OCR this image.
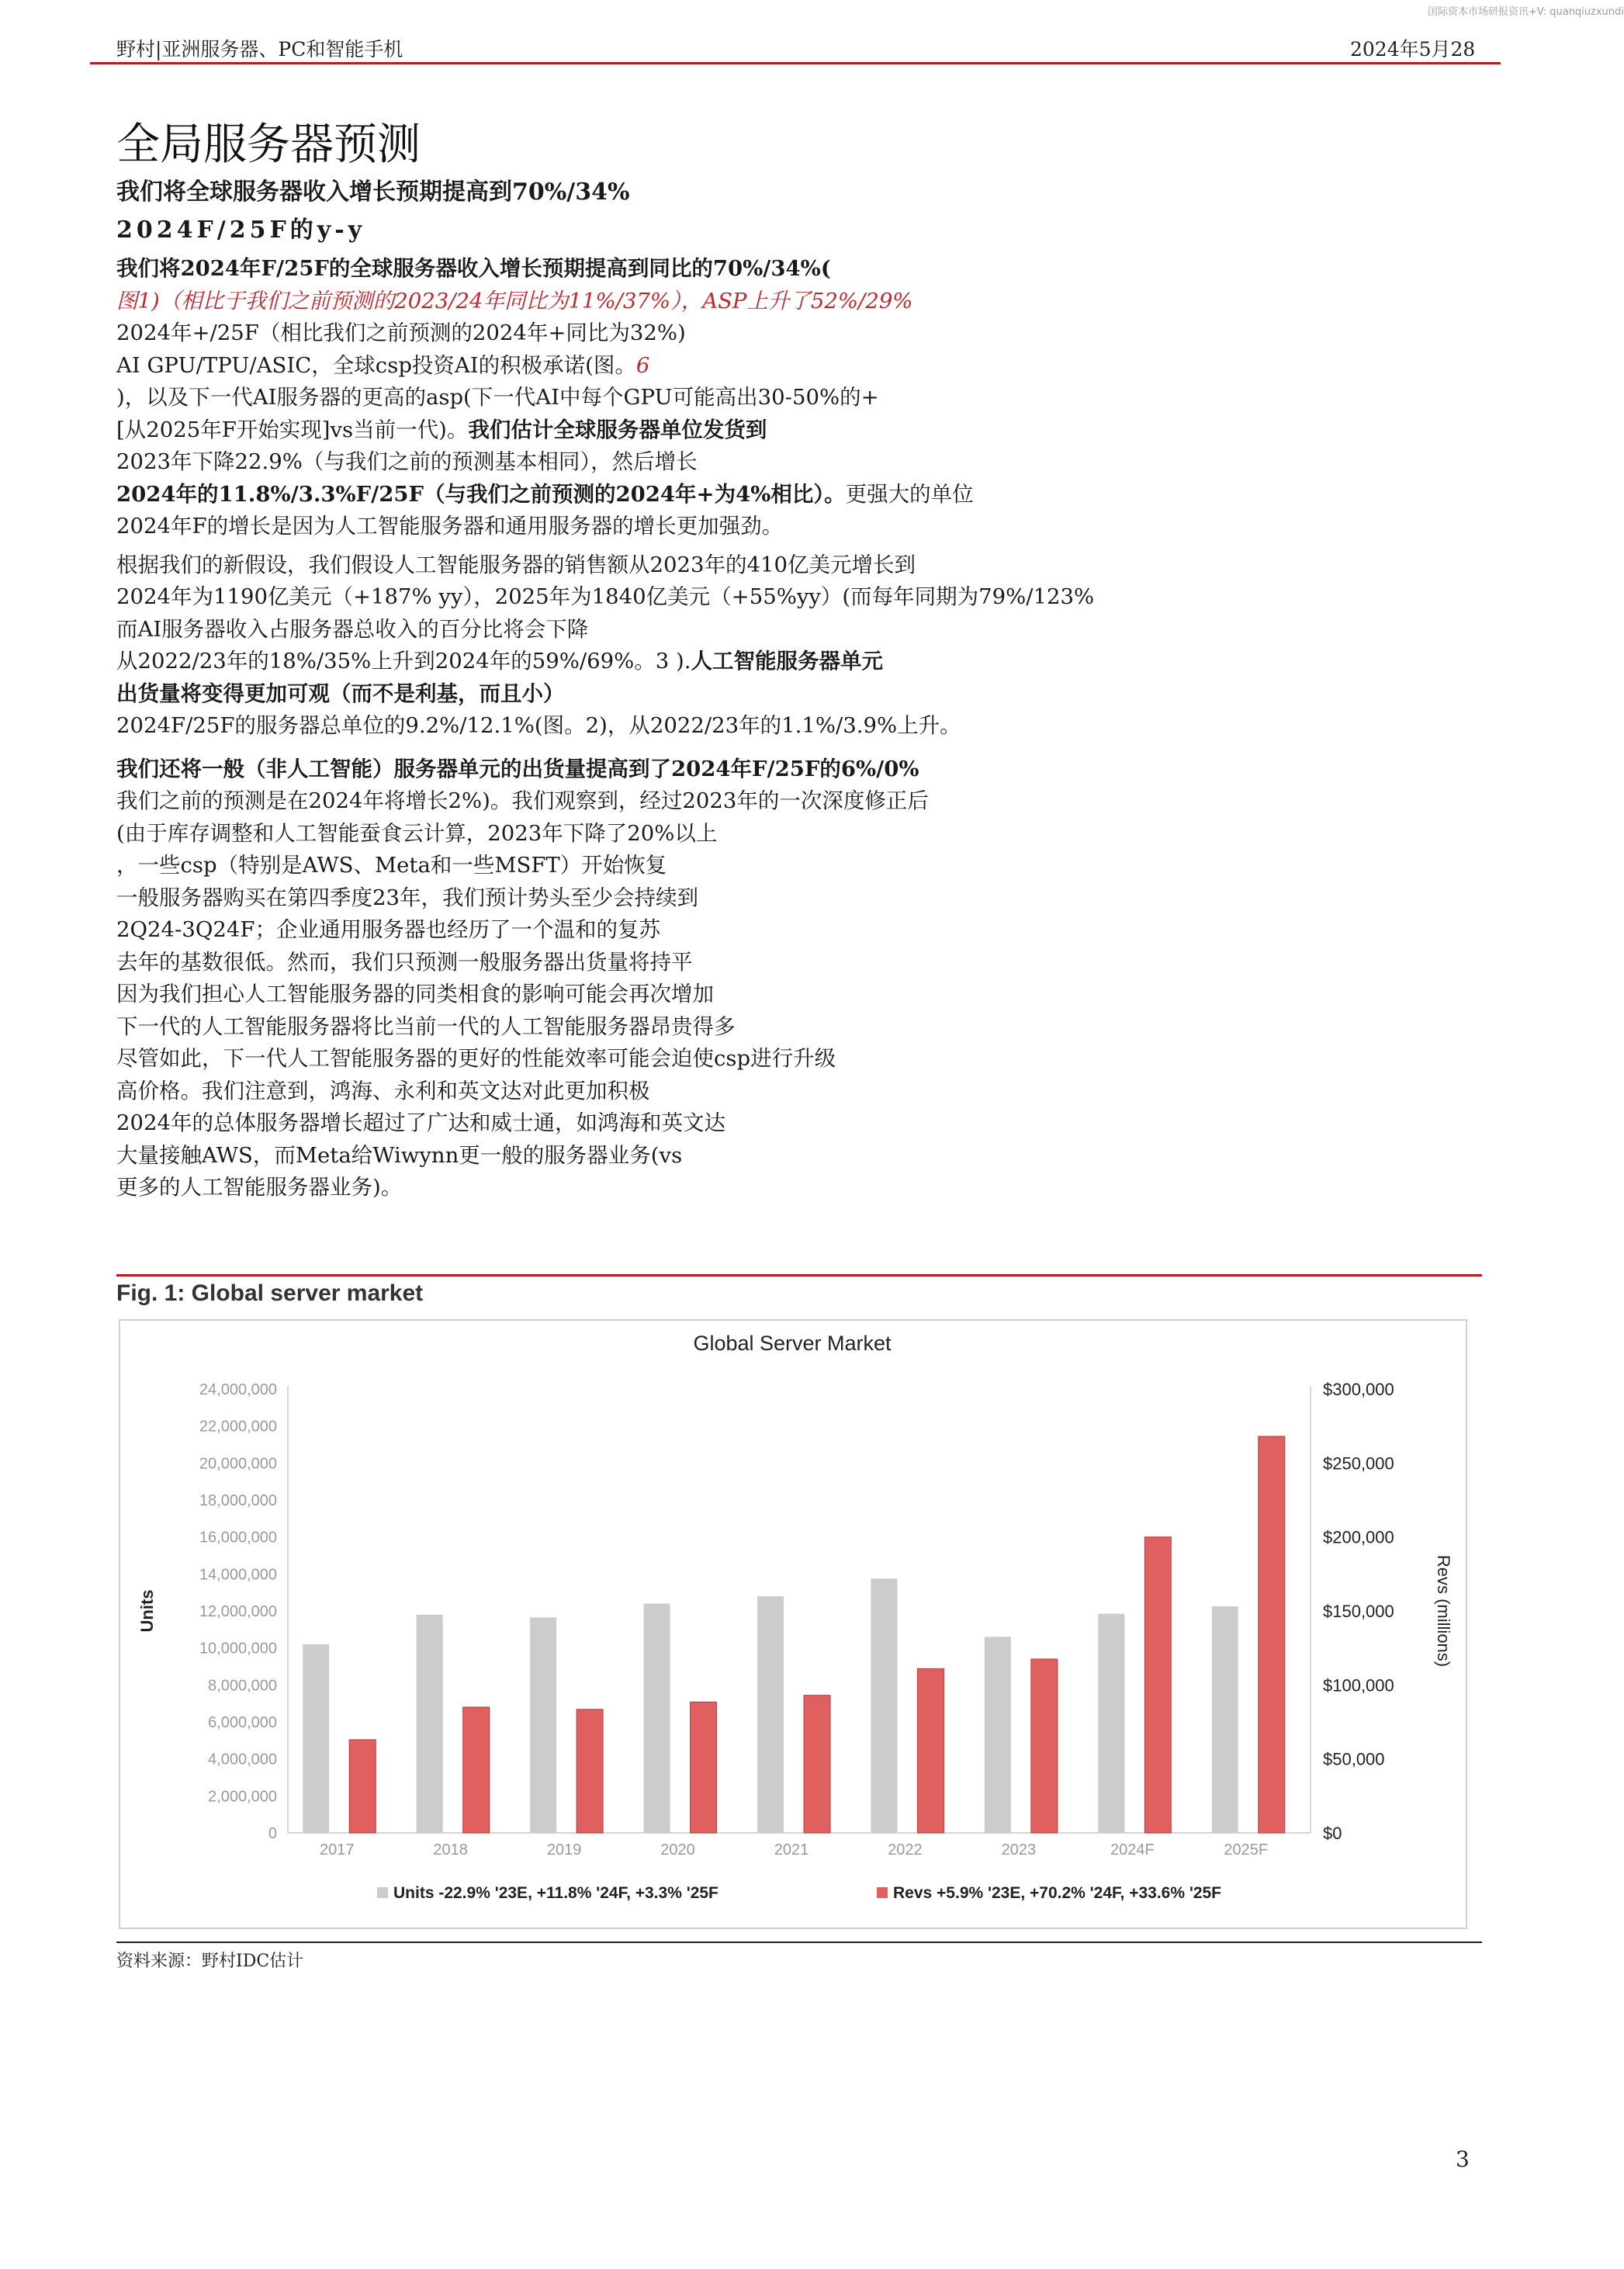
国际资本市场研报资讯+V: quanqiuzxundi
野村|亚洲服务器、PC和智能手机	2024年5月28
全局服务器预测
我们将全球服务器收入增长预期提高到70%/34%
2024F/25F的y-y
我们将2024年F/25F的全球服务器收入增长预期提高到同比的70%/34%(
图1)（相比于我们之前预测的2023/24年同比为11%/37%），ASP上升了52%/29%
2024年+/25F（相比我们之前预测的2024年+同比为32%)
AI GPU/TPU/ASIC，全球csp投资AI的积极承诺(图。6
)，以及下一代AI服务器的更高的asp(下一代AI中每个GPU可能高出30-50%的+
[从2025年F开始实现]vs当前一代)。我们估计全球服务器单位发货到
2023年下降22.9%（与我们之前的预测基本相同），然后增长
2024年的11.8%/3.3%F/25F（与我们之前预测的2024年+为4%相比）。更强大的单位
2024年F的增长是因为人工智能服务器和通用服务器的增长更加强劲。
根据我们的新假设，我们假设人工智能服务器的销售额从2023年的410亿美元增长到
2024年为1190亿美元（+187% yy），2025年为1840亿美元（+55%yy）(而每年同期为79%/123%
而AI服务器收入占服务器总收入的百分比将会下降
从2022/23年的18%/35%上升到2024年的59%/69%。3 ).人工智能服务器单元
出货量将变得更加可观（而不是利基，而且小）
2024F/25F的服务器总单位的9.2%/12.1%(图。2)，从2022/23年的1.1%/3.9%上升。
我们还将一般（非人工智能）服务器单元的出货量提高到了2024年F/25F的6%/0%
我们之前的预测是在2024年将增长2%)。我们观察到，经过2023年的一次深度修正后
(由于库存调整和人工智能蚕食云计算，2023年下降了20%以上
，一些csp（特别是AWS、Meta和一些MSFT）开始恢复
一般服务器购买在第四季度23年，我们预计势头至少会持续到
2Q24-3Q24F；企业通用服务器也经历了一个温和的复苏
去年的基数很低。然而，我们只预测一般服务器出货量将持平
因为我们担心人工智能服务器的同类相食的影响可能会再次增加
下一代的人工智能服务器将比当前一代的人工智能服务器昂贵得多
尽管如此，下一代人工智能服务器的更好的性能效率可能会迫使csp进行升级
高价格。我们注意到，鸿海、永利和英文达对此更加积极
2024年的总体服务器增长超过了广达和威士通，如鸿海和英文达
大量接触AWS，而Meta给Wiwynn更一般的服务器业务(vs
更多的人工智能服务器业务)。
Fig. 1: Global server market
Global Server Market
0
2,000,000
4,000,000
6,000,000
8,000,000
10,000,000
12,000,000
14,000,000
16,000,000
18,000,000
20,000,000
22,000,000
24,000,000
$0
$50,000
$100,000
$150,000
$200,000
$250,000
$300,000
Units	Revs (millions)
2017	2018	2019	2020	2021	2022	2023	2024F	2025F
Units -22.9% '23E, +11.8% '24F, +3.3% '25F	Revs +5.9% '23E, +70.2% '24F, +33.6% '25F
资料来源：野村IDC估计
3
